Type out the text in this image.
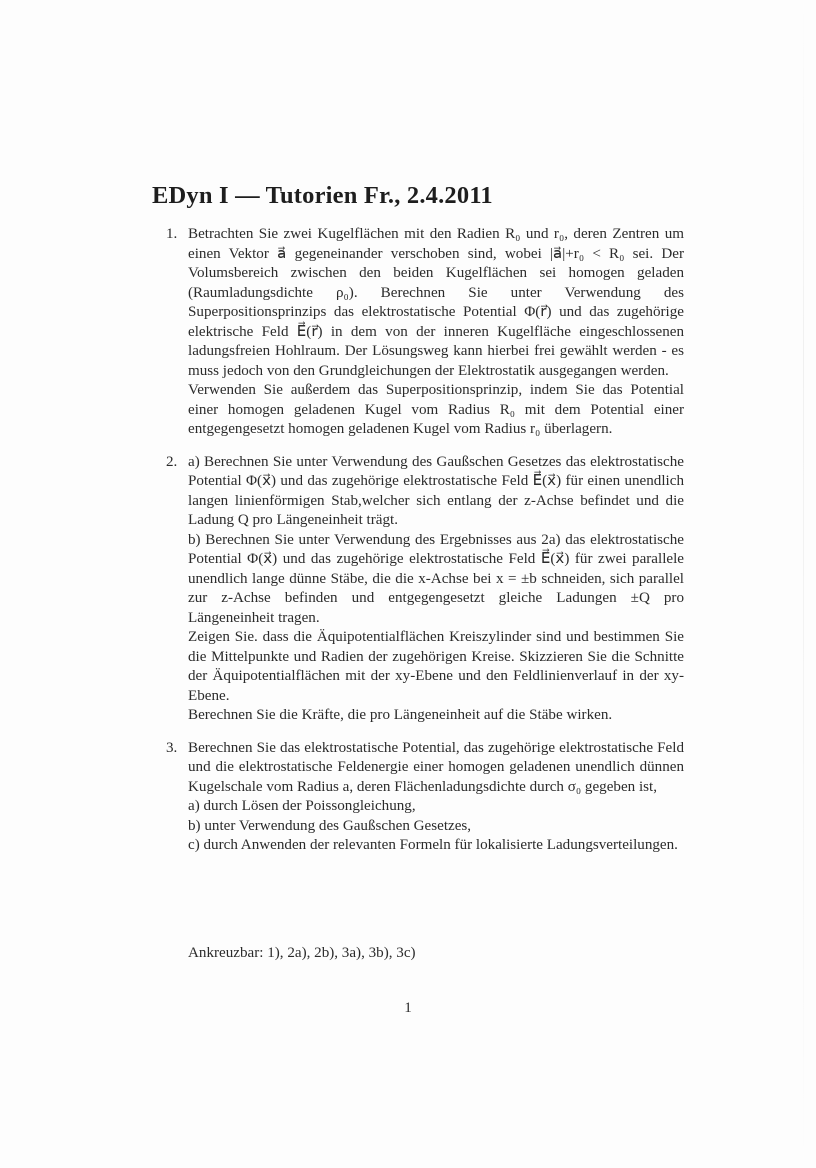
EDyn I — Tutorien Fr., 2.4.2011
1. Betrachten Sie zwei Kugelflächen mit den Radien R₀ und r₀, deren Zentren um einen Vektor a⃗ gegeneinander verschoben sind, wobei |a⃗|+r₀ < R₀ sei. Der Volumsbereich zwischen den beiden Kugelflächen sei homogen geladen (Raumladungsdichte ρ₀). Berechnen Sie unter Verwendung des Superpositionsprinzips das elektrostatische Potential Φ(r⃗) und das zugehörige elektrische Feld E⃗(r⃗) in dem von der inneren Kugelfläche eingeschlossenen ladungsfreien Hohlraum. Der Lösungsweg kann hierbei frei gewählt werden - es muss jedoch von den Grundgleichungen der Elektrostatik ausgegangen werden.

Verwenden Sie außerdem das Superpositionsprinzip, indem Sie das Potential einer homogen geladenen Kugel vom Radius R₀ mit dem Potential einer entgegengesetzt homogen geladenen Kugel vom Radius r₀ überlagern.

2. a) Berechnen Sie unter Verwendung des Gaußschen Gesetzes das elektrostatische Potential Φ(x⃗) und das zugehörige elektrostatische Feld E⃗(x⃗) für einen unendlich langen linienförmigen Stab,welcher sich entlang der z-Achse befindet und die Ladung Q pro Längeneinheit trägt.

b) Berechnen Sie unter Verwendung des Ergebnisses aus 2a) das elektrostatische Potential Φ(x⃗) und das zugehörige elektrostatische Feld E⃗(x⃗) für zwei parallele unendlich lange dünne Stäbe, die die x-Achse bei x = ±b schneiden, sich parallel zur z-Achse befinden und entgegengesetzt gleiche Ladungen ±Q pro Längeneinheit tragen.

Zeigen Sie. dass die Äquipotentialflächen Kreiszylinder sind und bestimmen Sie die Mittelpunkte und Radien der zugehörigen Kreise. Skizzieren Sie die Schnitte der Äquipotentialflächen mit der xy-Ebene und den Feldlinienverlauf in der xy-Ebene.

Berechnen Sie die Kräfte, die pro Längeneinheit auf die Stäbe wirken.

3. Berechnen Sie das elektrostatische Potential, das zugehörige elektrostatische Feld und die elektrostatische Feldenergie einer homogen geladenen unendlich dünnen Kugelschale vom Radius a, deren Flächenladungsdichte durch σ₀ gegeben ist,

a) durch Lösen der Poissongleichung,

b) unter Verwendung des Gaußschen Gesetzes,

c) durch Anwenden der relevanten Formeln für lokalisierte Ladungsverteilungen.

Ankreuzbar: 1), 2a), 2b), 3a), 3b), 3c)
1
